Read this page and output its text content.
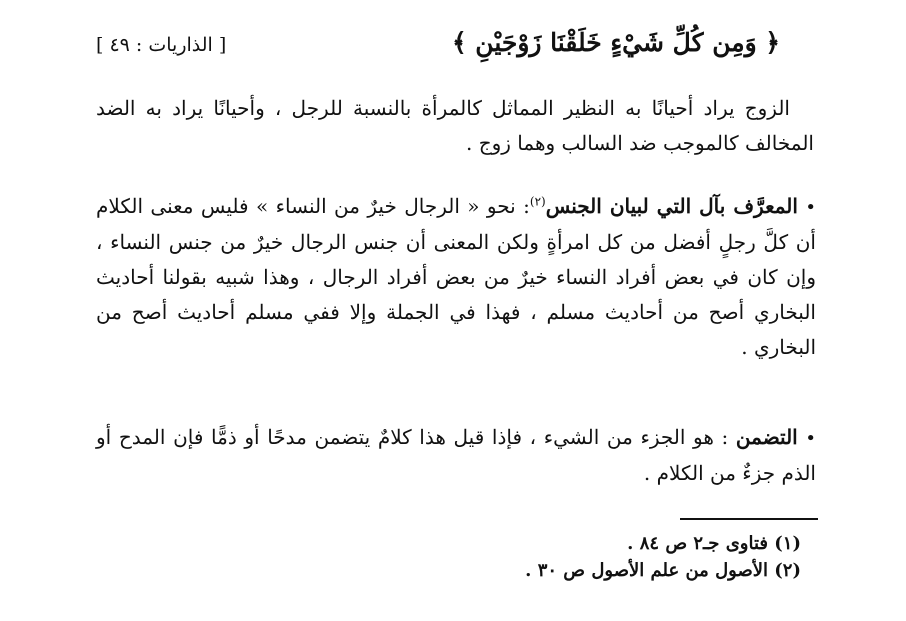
﴿ وَمِن كُلِّ شَيْءٍ خَلَقْنَا زَوْجَيْنِ ﴾
[ الذاريات : ٤٩ ]
الزوج يراد أحيانًا به النظير المماثل كالمرأة بالنسبة للرجل ، وأحيانًا يراد به الضد المخالف كالموجب ضد السالب وهما زوج .
• المعرَّف بآل التي لبيان الجنس$^{(٢)}$: نحو « الرجال خيرٌ من النساء » فليس معنى الكلام أن كلَّ رجلٍ أفضل من كل امرأةٍ ولكن المعنى أن جنس الرجال خيرٌ من جنس النساء ، وإن كان في بعض أفراد النساء خيرٌ من بعض أفراد الرجال ، وهذا شبيه بقولنا أحاديث البخاري أصح من أحاديث مسلم ، فهذا في الجملة وإلا ففي مسلم أحاديث أصح من البخاري .
• التضمن : هو الجزء من الشيء ، فإذا قيل هذا كلامٌ يتضمن مدحًا أو ذمًّا فإن المدح أو الذم جزءٌ من الكلام .
(١) فتاوى جـ٢ ص ٨٤ .
(٢) الأصول من علم الأصول ص ٣٠ .
